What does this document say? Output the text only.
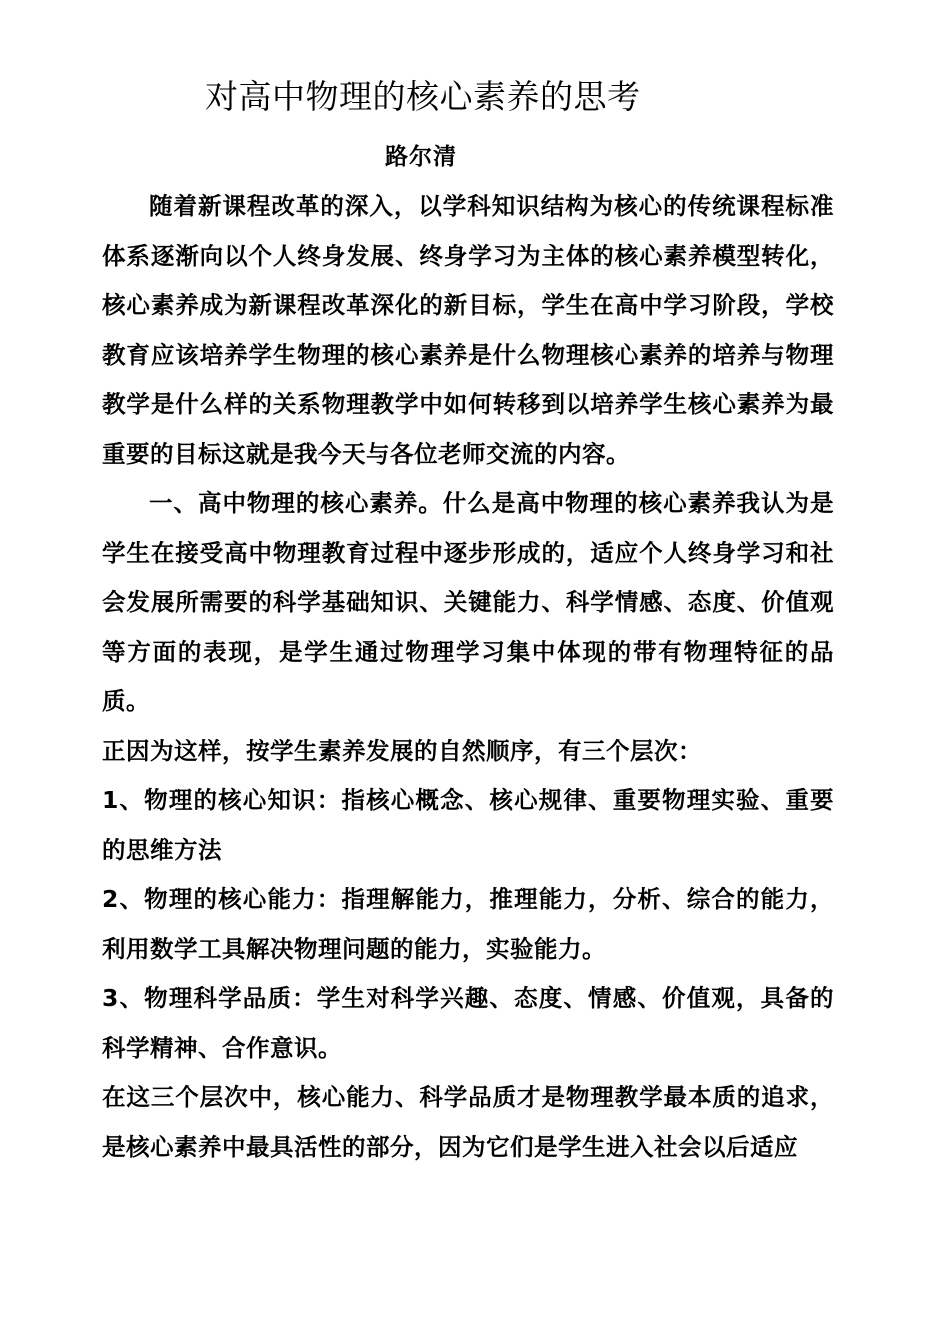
对高中物理的核心素养的思考
路尔清

随着新课程改革的深入，以学科知识结构为核心的传统课程标准体系逐渐向以个人终身发展、终身学习为主体的核心素养模型转化，核心素养成为新课程改革深化的新目标，学生在高中学习阶段，学校教育应该培养学生物理的核心素养是什么物理核心素养的培养与物理教学是什么样的关系物理教学中如何转移到以培养学生核心素养为最重要的目标这就是我今天与各位老师交流的内容。

一、高中物理的核心素养。什么是高中物理的核心素养我认为是学生在接受高中物理教育过程中逐步形成的，适应个人终身学习和社会发展所需要的科学基础知识、关键能力、科学情感、态度、价值观等方面的表现，是学生通过物理学习集中体现的带有物理特征的品质。

正因为这样，按学生素养发展的自然顺序，有三个层次：

1、物理的核心知识：指核心概念、核心规律、重要物理实验、重要的思维方法

2、物理的核心能力：指理解能力，推理能力，分析、综合的能力，利用数学工具解决物理问题的能力，实验能力。

3、物理科学品质：学生对科学兴趣、态度、情感、价值观，具备的科学精神、合作意识。

在这三个层次中，核心能力、科学品质才是物理教学最本质的追求，是核心素养中最具活性的部分，因为它们是学生进入社会以后适应
